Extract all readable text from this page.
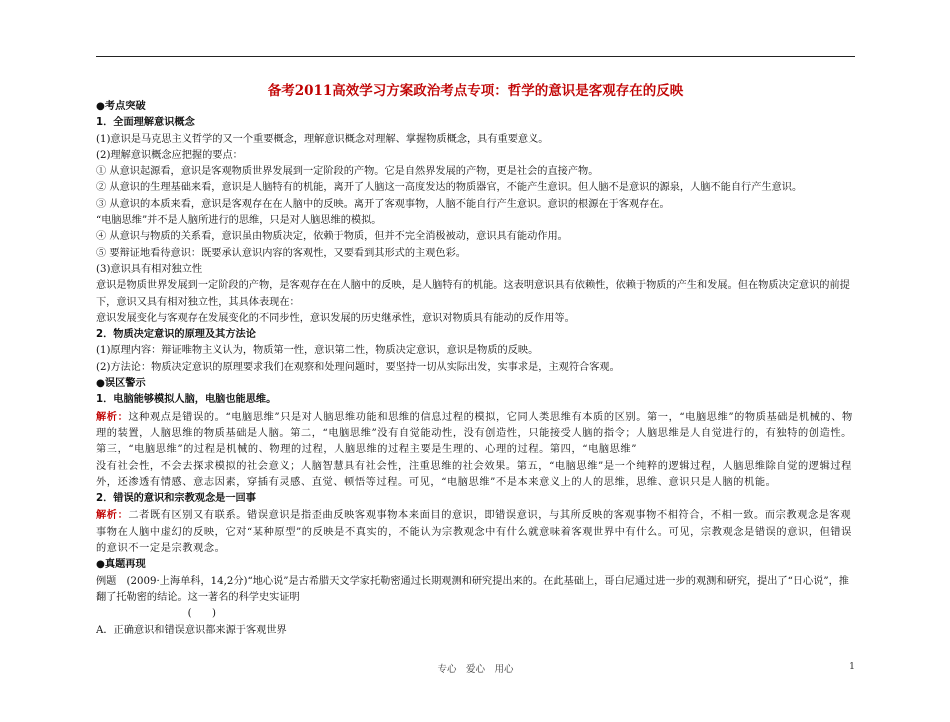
备考2011高效学习方案政治考点专项：哲学的意识是客观存在的反映

●考点突破

1．全面理解意识概念

(1)意识是马克思主义哲学的又一个重要概念，理解意识概念对理解、掌握物质概念，具有重要意义。

(2)理解意识概念应把握的要点：

① 从意识起源看，意识是客观物质世界发展到一定阶段的产物。它是自然界发展的产物，更是社会的直接产物。

② 从意识的生理基础来看，意识是人脑特有的机能，离开了人脑这一高度发达的物质器官，不能产生意识。但人脑不是意识的源泉，人脑不能自行产生意识。

③ 从意识的本质来看，意识是客观存在在人脑中的反映。离开了客观事物，人脑不能自行产生意识。意识的根源在于客观存在。

“电脑思维”并不是人脑所进行的思维，只是对人脑思维的模拟。

④ 从意识与物质的关系看，意识虽由物质决定，依赖于物质，但并不完全消极被动，意识具有能动作用。

⑤ 要辩证地看待意识：既要承认意识内容的客观性，又要看到其形式的主观色彩。

(3)意识具有相对独立性

意识是物质世界发展到一定阶段的产物，是客观存在在人脑中的反映，是人脑特有的机能。这表明意识具有依赖性，依赖于物质的产生和发展。但在物质决定意识的前提下，意识又具有相对独立性，其具体表现在：

意识发展变化与客观存在发展变化的不同步性，意识发展的历史继承性，意识对物质具有能动的反作用等。

2．物质决定意识的原理及其方法论

(1)原理内容：辩证唯物主义认为，物质第一性，意识第二性，物质决定意识，意识是物质的反映。

(2)方法论：物质决定意识的原理要求我们在观察和处理问题时，要坚持一切从实际出发，实事求是，主观符合客观。

●误区警示

1．电脑能够模拟人脑，电脑也能思维。

解析：这种观点是错误的。“电脑思维”只是对人脑思维功能和思维的信息过程的模拟，它同人类思维有本质的区别。第一，“电脑思维”的物质基础是机械的、物理的装置，人脑思维的物质基础是人脑。第二，“电脑思维”没有自觉能动性，没有创造性，只能接受人脑的指令；人脑思维是人自觉进行的，有独特的创造性。第三，“电脑思维”的过程是机械的、物理的过程，人脑思维的过程主要是生理的、心理的过程。第四，“电脑思维”

没有社会性，不会去探求模拟的社会意义；人脑智慧具有社会性，注重思维的社会效果。第五，“电脑思维”是一个纯粹的逻辑过程，人脑思维除自觉的逻辑过程外，还渗透有情感、意志因素，穿插有灵感、直觉、顿悟等过程。可见，“电脑思维”不是本来意义上的人的思维，思维、意识只是人脑的机能。

2．错误的意识和宗教观念是一回事

解析：二者既有区别又有联系。错误意识是指歪曲反映客观事物本来面目的意识，即错误意识，与其所反映的客观事物不相符合，不相一致。而宗教观念是客观事物在人脑中虚幻的反映，它对“某种原型”的反映是不真实的，不能认为宗教观念中有什么就意味着客观世界中有什么。可见，宗教观念是错误的意识，但错误的意识不一定是宗教观念。

●真题再现

例题　(2009·上海单科，14,2分)“地心说”是古希腊天文学家托勒密通过长期观测和研究提出来的。在此基础上，哥白尼通过进一步的观测和研究，提出了“日心说”，推翻了托勒密的结论。这一著名的科学史实证明

(　　)

A．正确意识和错误意识都来源于客观世界

专心　爱心　用心	1
